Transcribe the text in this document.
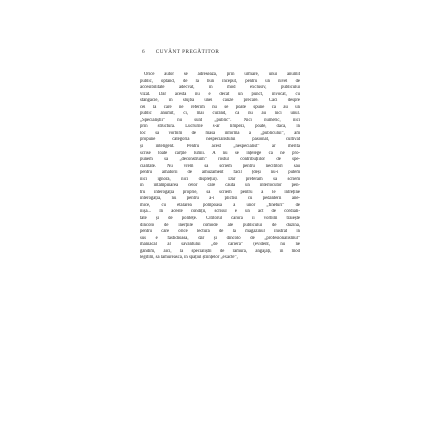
6 CUVÂNT PREGĂTITOR
Orice autor se adresează, prin urmare, unui anumit
public, optând, de la bun început, pentru un nivel de
accesibilitate adecvat, în mod exclusiv, publicului
vizat. Dar acesta nu e decât un punct, invocat, cu
stângăcie, în slujba unei cauze precare. Căci despre
cei la care ne referim nu se poate spune că au un
public anumit, ci, mai curând, că nu au nici unul.
„Specialiștii” nu sunt „public”. Nici numeric, nici
prin structură. Lucrurile s-ar limpezi, poate, dacă, în
loc să vorbim de masa informă a „publicului”, am
propune categoria nespecialistului pasionat, cultivat
și inteligent. Pentru acest „nespecialist” ar merita
scrise toate cărțile lumii. A nu se înțelege că ne pro-
punem să „deconstruim” rostul contribuțiilor de spe-
cialitate. Nu vrem să scriem pentru necititori sau
pentru amatorii de amuzament facil (deși nu-i putem
nici ignora, nici disprețui). Dar preferăm să scriem
în întâmpinarea celor care caută un interlocutor pen-
tru interogația proprie, să scriem pentru a le întreține
interogația, nu pentru a-i plictisi cu pedanterii ane-
mice, cu etalarea pompoasă a unor „fineturi” de
nișă... În aceste condiții, scrisul e un act de cordiali-
tate și de politețe. Cititorul cărora îi vorbim trăiește
dincolo de inerțiile comode ale publicului de duzină,
pentru care orice lectură de la magazinul ilustrat în
sus e fastidioasă, dar și dincolo de „profesionalismul”
maniacal al savantului „de carieră” (evident, nu ne
gândim, aici, la specialiștii de ramură, angajați, în mod
legitim, să lămurească, în spațiul științelor „exacte”,
